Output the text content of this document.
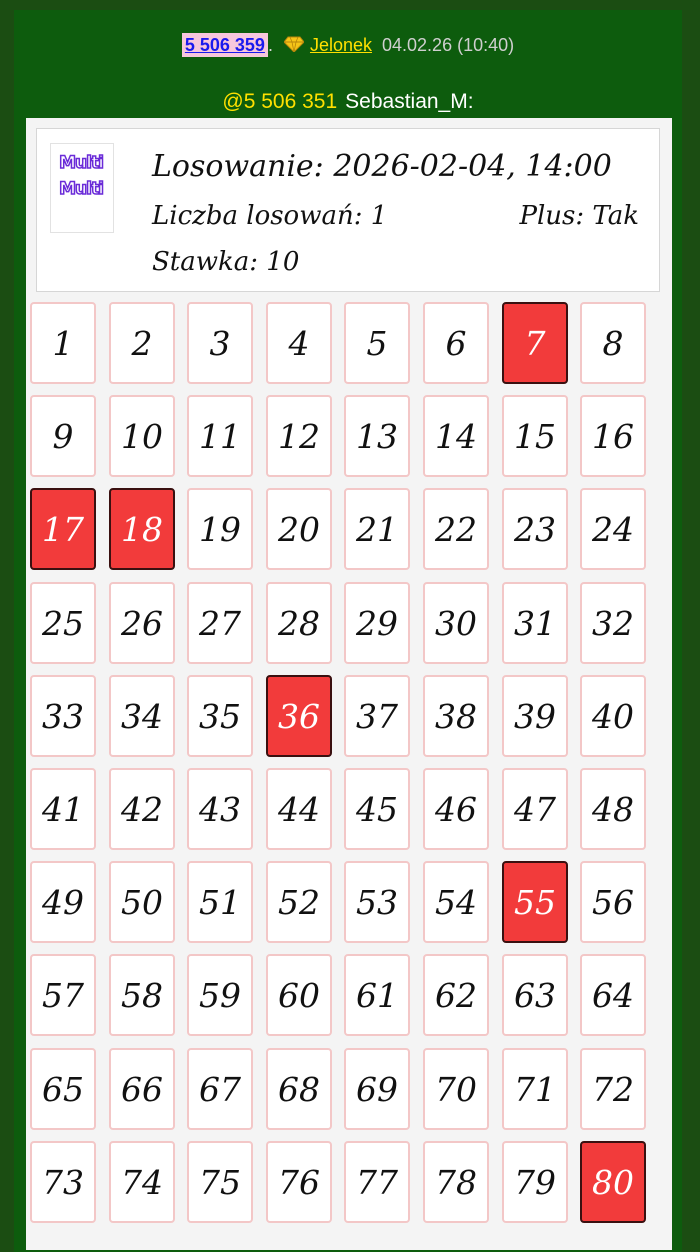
5 506 359 . Jelonek 04.02.26 (10:40)
@5 506 351 Sebastian_M:
Multi
Multi
Losowanie: 2026-02-04, 14:00
Liczba losowań: 1	Plus: Tak
Stawka: 10
1	2	3	4	5	6	7	8
9	10	11	12	13	14	15	16
17	18	19	20	21	22	23	24
25	26	27	28	29	30	31	32
33	34	35	36	37	38	39	40
41	42	43	44	45	46	47	48
49	50	51	52	53	54	55	56
57	58	59	60	61	62	63	64
65	66	67	68	69	70	71	72
73	74	75	76	77	78	79	80
